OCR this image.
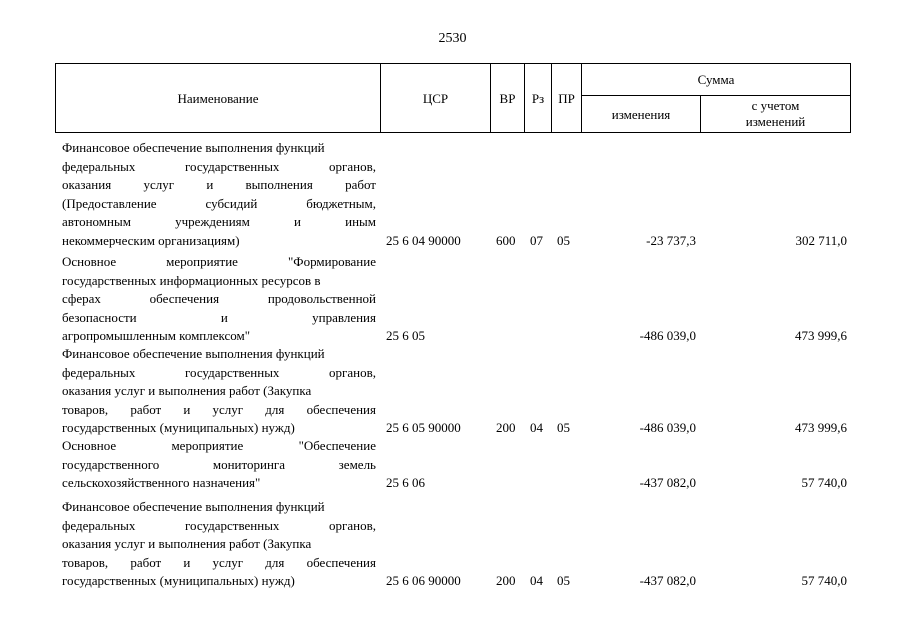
2530
Наименование	ЦСР	ВР	Рз	ПР
Сумма
изменения
с учетом
изменений
Финансовое обеспечение выполнения функций
федеральных	государственных	органов,
оказания услуг и выполнения работ
(Предоставление	субсидий	бюджетным,
автономным	учреждениям	и	иным
некоммерческим организациям)	25 6 04 90000	600 07 05	-23 737,3	302 711,0
Основное	мероприятие	"Формирование
государственных информационных ресурсов в
сферах	обеспечения	продовольственной
безопасности	и	управления
агропромышленным комплексом"	25 6 05	-486 039,0	473 999,6
Финансовое обеспечение выполнения функций
федеральных	государственных	органов,
оказания услуг и выполнения работ (Закупка
товаров, работ и услуг для обеспечения
государственных (муниципальных) нужд)	25 6 05 90000	200 04 05	-486 039,0	473 999,6
Основное	мероприятие	"Обеспечение
государственного	мониторинга	земель
сельскохозяйственного назначения"	25 6 06	-437 082,0	57 740,0
Финансовое обеспечение выполнения функций
федеральных	государственных	органов,
оказания услуг и выполнения работ (Закупка
товаров, работ и услуг для обеспечения
государственных (муниципальных) нужд)	25 6 06 90000	200 04 05	-437 082,0	57 740,0
